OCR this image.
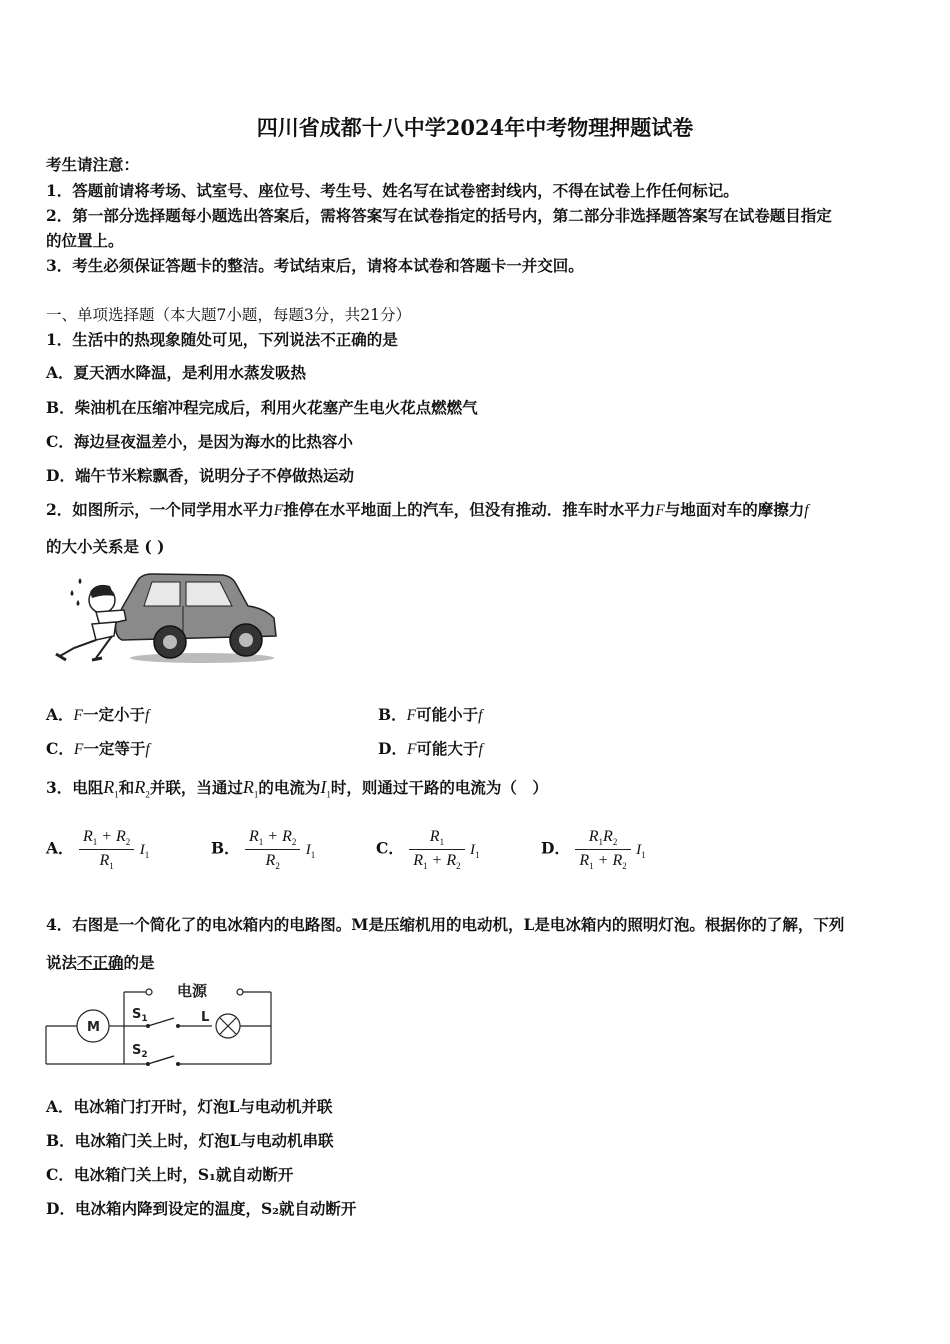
四川省成都十八中学2024年中考物理押题试卷
考生请注意：
1．答题前请将考场、试室号、座位号、考生号、姓名写在试卷密封线内，不得在试卷上作任何标记。
2．第一部分选择题每小题选出答案后，需将答案写在试卷指定的括号内，第二部分非选择题答案写在试卷题目指定
的位置上。
3．考生必须保证答题卡的整洁。考试结束后，请将本试卷和答题卡一并交回。
一、单项选择题（本大题7小题，每题3分，共21分）
1．生活中的热现象随处可见，下列说法不正确的是
A．夏天洒水降温，是利用水蒸发吸热
B．柴油机在压缩冲程完成后，利用火花塞产生电火花点燃燃气
C．海边昼夜温差小，是因为海水的比热容小
D．端午节米粽飘香，说明分子不停做热运动
2．如图所示，一个同学用水平力F推停在水平地面上的汽车，但没有推动．推车时水平力F与地面对车的摩擦力f
的大小关系是 ( )
A．F一定小于f	B．F可能小于f
C．F一定等于f	D．F可能大于f
3．电阻$R_1$和$R_2$并联，当通过$R_1$的电流为$I_1$时，则通过干路的电流为（　）
A． $\frac{R_1 + R_2}{R_1} I_1$	B． $\frac{R_1 + R_2}{R_2} I_1$	C． $\frac{R_1}{R_1 + R_2} I_1$	D． $\frac{R_1R_2}{R_1 + R_2} I_1$
4．右图是一个简化了的电冰箱内的电路图。M是压缩机用的电动机，L是电冰箱内的照明灯泡。根据你的了解，下列
说法不正确的是
电源
M
L
$S_1$
$S_2$
A．电冰箱门打开时，灯泡L与电动机并联
B．电冰箱门关上时，灯泡L与电动机串联
C．电冰箱门关上时，S₁就自动断开
D．电冰箱内降到设定的温度，S₂就自动断开
